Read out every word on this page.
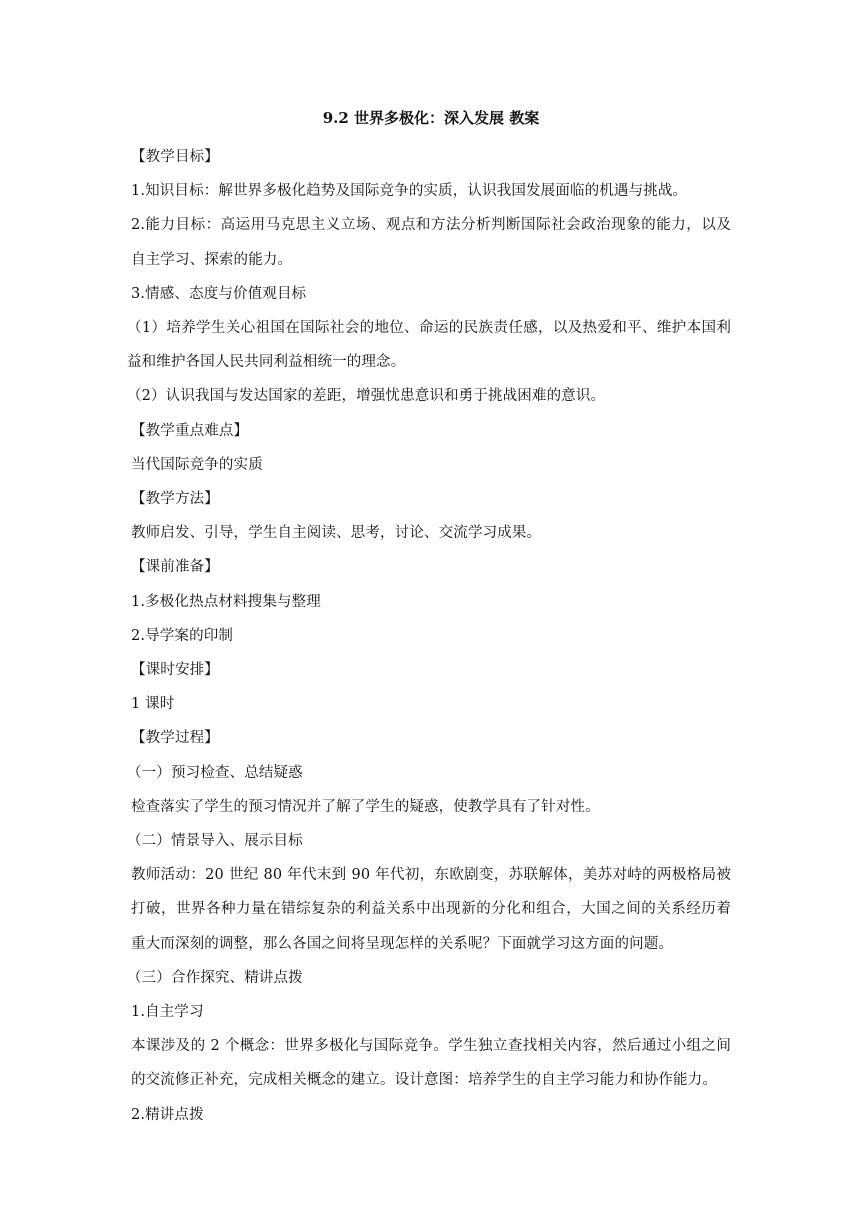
9.2 世界多极化：深入发展 教案

【教学目标】

1.知识目标：解世界多极化趋势及国际竞争的实质，认识我国发展面临的机遇与挑战。

2.能力目标：高运用马克思主义立场、观点和方法分析判断国际社会政治现象的能力，以及自主学习、探索的能力。

3.情感、态度与价值观目标

（1）培养学生关心祖国在国际社会的地位、命运的民族责任感，以及热爱和平、维护本国利益和维护各国人民共同利益相统一的理念。

（2）认识我国与发达国家的差距，增强忧患意识和勇于挑战困难的意识。

【教学重点难点】

当代国际竞争的实质

【教学方法】

教师启发、引导，学生自主阅读、思考，讨论、交流学习成果。

【课前准备】

1.多极化热点材料搜集与整理

2.导学案的印制

【课时安排】

1 课时

【教学过程】

（一）预习检查、总结疑惑

检查落实了学生的预习情况并了解了学生的疑惑，使教学具有了针对性。

（二）情景导入、展示目标

教师活动：20 世纪 80 年代末到 90 年代初，东欧剧变，苏联解体，美苏对峙的两极格局被打破，世界各种力量在错综复杂的利益关系中出现新的分化和组合，大国之间的关系经历着重大而深刻的调整，那么各国之间将呈现怎样的关系呢？下面就学习这方面的问题。

（三）合作探究、精讲点拨

1.自主学习

本课涉及的 2 个概念：世界多极化与国际竞争。学生独立查找相关内容，然后通过小组之间的交流修正补充，完成相关概念的建立。设计意图：培养学生的自主学习能力和协作能力。

2.精讲点拨
